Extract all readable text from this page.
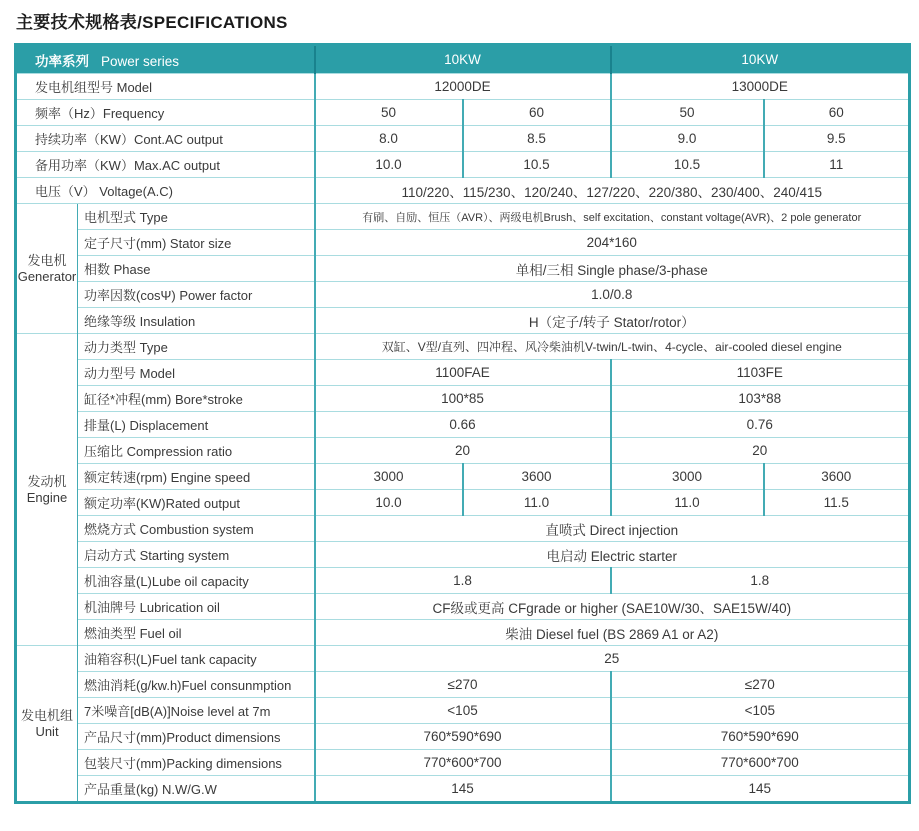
主要技术规格表/SPECIFICATIONS
功率系列 Power series		10KW		10KW	
发电机组型号 Model		12000DE		13000DE	
频率（Hz）Frequency		50	60	50	60
持续功率（KW）Cont.AC output		8.0	8.5	9.0	9.5
备用功率（KW）Max.AC output		10.0	10.5	10.5	11
电压（V） Voltage(A.C)		110/220、115/230、120/240、127/220、220/380、230/400、240/415			

发电机
Generator	电机型式 Type	有刷、自励、恒压（AVR）、两级电机Brush、self excitation、constant voltage(AVR)、2 pole generator			
	定子尺寸(mm) Stator size	204*160			
	相数 Phase	单相/三相 Single phase/3-phase			
	功率因数(cosΨ) Power factor	1.0/0.8			
	绝缘等级 Insulation	H（定子/转子 Stator/rotor）			

发动机
Engine	动力类型 Type	双缸、V型/直列、四冲程、风冷柴油机V-twin/L-twin、4-cycle、air-cooled diesel engine			
	动力型号 Model	1100FAE		1103FE	
	缸径*冲程(mm) Bore*stroke	100*85		103*88	
	排量(L) Displacement	0.66		0.76	
	压缩比 Compression ratio	20		20	
	额定转速(rpm) Engine speed	3000	3600	3000	3600
	额定功率(KW)Rated output	10.0	11.0	11.0	11.5
	燃烧方式 Combustion system	直喷式 Direct injection			
	启动方式 Starting system	电启动 Electric starter			
	机油容量(L)Lube oil capacity	1.8		1.8	
	机油牌号 Lubrication oil	CF级或更高 CFgrade or higher (SAE10W/30、SAE15W/40)			
	燃油类型 Fuel oil	柴油 Diesel fuel (BS 2869 A1 or A2)			

发电机组
Unit	油箱容积(L)Fuel tank capacity	25			
	燃油消耗(g/kw.h)Fuel consunmption	≤270		≤270	
	7米噪音[dB(A)]Noise level at 7m	<105		<105	
	产品尺寸(mm)Product dimensions	760*590*690		760*590*690	
	包装尺寸(mm)Packing dimensions	770*600*700		770*600*700	
	产品重量(kg) N.W/G.W	145		145	
